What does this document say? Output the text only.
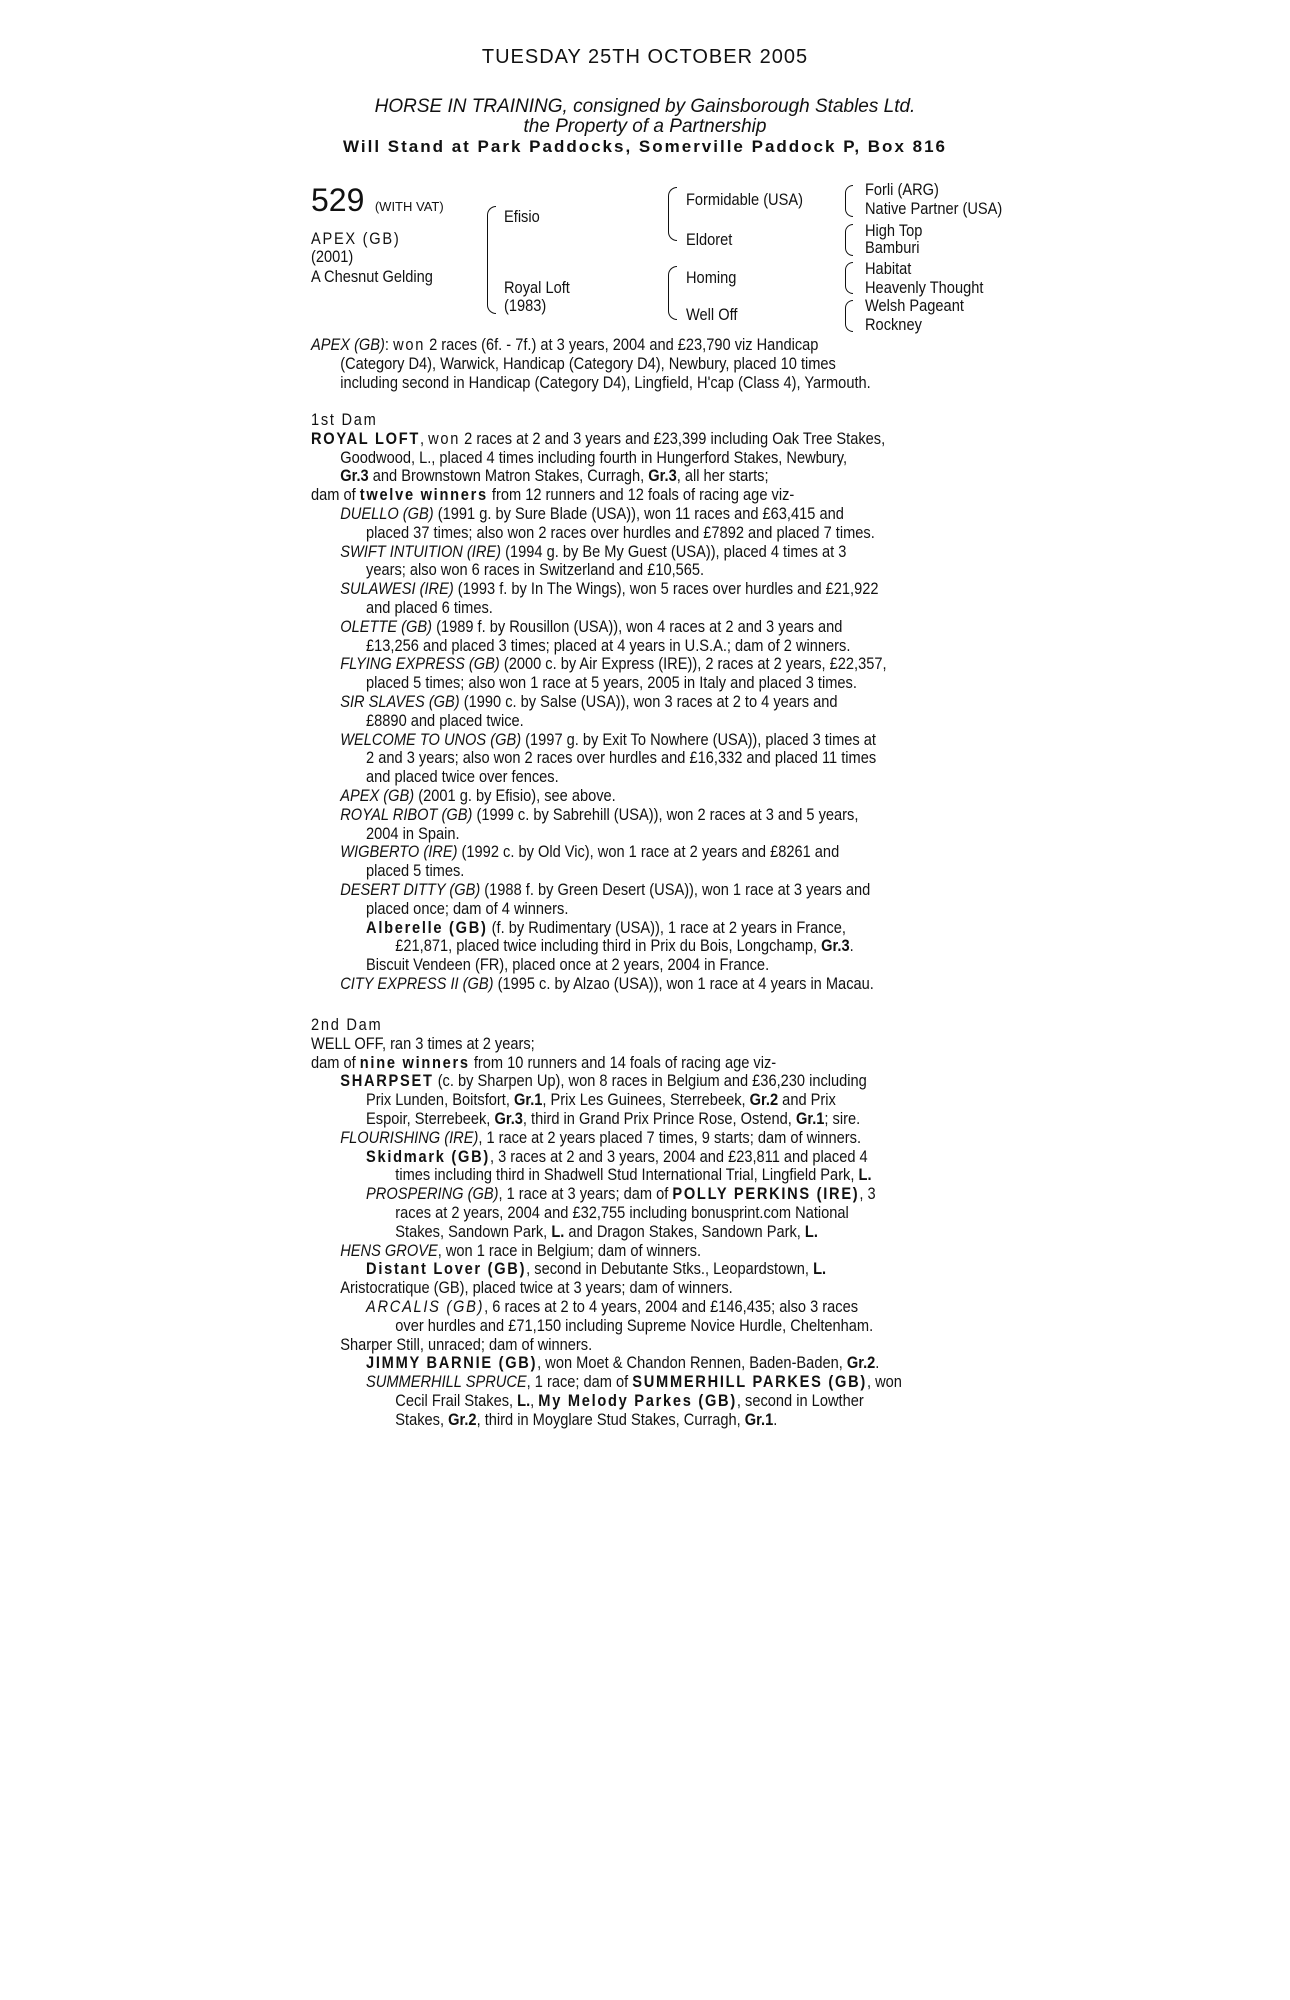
TUESDAY 25TH OCTOBER 2005
HORSE IN TRAINING, consigned by Gainsborough Stables Ltd.
the Property of a Partnership
Will Stand at Park Paddocks, Somerville Paddock P, Box 816
529 (WITH VAT)
APEX (GB)
(2001)
A Chesnut Gelding
Efisio
Royal Loft
(1983)
Formidable (USA)
Eldoret
Homing
Well Off
Forli (ARG)
Native Partner (USA)
High Top
Bamburi
Habitat
Heavenly Thought
Welsh Pageant
Rockney

APEX (GB): won 2 races (6f. - 7f.) at 3 years, 2004 and £23,790 viz Handicap

(Category D4), Warwick, Handicap (Category D4), Newbury, placed 10 times

including second in Handicap (Category D4), Lingfield, H'cap (Class 4), Yarmouth.

1st Dam

ROYAL LOFT, won 2 races at 2 and 3 years and £23,399 including Oak Tree Stakes,

Goodwood, L., placed 4 times including fourth in Hungerford Stakes, Newbury,

Gr.3 and Brownstown Matron Stakes, Curragh, Gr.3, all her starts;

dam of twelve winners from 12 runners and 12 foals of racing age viz-

DUELLO (GB) (1991 g. by Sure Blade (USA)), won 11 races and £63,415 and

placed 37 times; also won 2 races over hurdles and £7892 and placed 7 times.

SWIFT INTUITION (IRE) (1994 g. by Be My Guest (USA)), placed 4 times at 3

years; also won 6 races in Switzerland and £10,565.

SULAWESI (IRE) (1993 f. by In The Wings), won 5 races over hurdles and £21,922

and placed 6 times.

OLETTE (GB) (1989 f. by Rousillon (USA)), won 4 races at 2 and 3 years and

£13,256 and placed 3 times; placed at 4 years in U.S.A.; dam of 2 winners.

FLYING EXPRESS (GB) (2000 c. by Air Express (IRE)), 2 races at 2 years, £22,357,

placed 5 times; also won 1 race at 5 years, 2005 in Italy and placed 3 times.

SIR SLAVES (GB) (1990 c. by Salse (USA)), won 3 races at 2 to 4 years and

£8890 and placed twice.

WELCOME TO UNOS (GB) (1997 g. by Exit To Nowhere (USA)), placed 3 times at

2 and 3 years; also won 2 races over hurdles and £16,332 and placed 11 times

and placed twice over fences.

APEX (GB) (2001 g. by Efisio), see above.

ROYAL RIBOT (GB) (1999 c. by Sabrehill (USA)), won 2 races at 3 and 5 years,

2004 in Spain.

WIGBERTO (IRE) (1992 c. by Old Vic), won 1 race at 2 years and £8261 and

placed 5 times.

DESERT DITTY (GB) (1988 f. by Green Desert (USA)), won 1 race at 3 years and

placed once; dam of 4 winners.

Alberelle (GB) (f. by Rudimentary (USA)), 1 race at 2 years in France,

£21,871, placed twice including third in Prix du Bois, Longchamp, Gr.3.

Biscuit Vendeen (FR), placed once at 2 years, 2004 in France.

CITY EXPRESS II (GB) (1995 c. by Alzao (USA)), won 1 race at 4 years in Macau.

2nd Dam

WELL OFF, ran 3 times at 2 years;

dam of nine winners from 10 runners and 14 foals of racing age viz-

SHARPSET (c. by Sharpen Up), won 8 races in Belgium and £36,230 including

Prix Lunden, Boitsfort, Gr.1, Prix Les Guinees, Sterrebeek, Gr.2 and Prix

Espoir, Sterrebeek, Gr.3, third in Grand Prix Prince Rose, Ostend, Gr.1; sire.

FLOURISHING (IRE), 1 race at 2 years placed 7 times, 9 starts; dam of winners.

Skidmark (GB), 3 races at 2 and 3 years, 2004 and £23,811 and placed 4

times including third in Shadwell Stud International Trial, Lingfield Park, L.

PROSPERING (GB), 1 race at 3 years; dam of POLLY PERKINS (IRE), 3

races at 2 years, 2004 and £32,755 including bonusprint.com National

Stakes, Sandown Park, L. and Dragon Stakes, Sandown Park, L.

HENS GROVE, won 1 race in Belgium; dam of winners.

Distant Lover (GB), second in Debutante Stks., Leopardstown, L.

Aristocratique (GB), placed twice at 3 years; dam of winners.

ARCALIS (GB), 6 races at 2 to 4 years, 2004 and £146,435; also 3 races

over hurdles and £71,150 including Supreme Novice Hurdle, Cheltenham.

Sharper Still, unraced; dam of winners.

JIMMY BARNIE (GB), won Moet & Chandon Rennen, Baden-Baden, Gr.2.

SUMMERHILL SPRUCE, 1 race; dam of SUMMERHILL PARKES (GB), won

Cecil Frail Stakes, L., My Melody Parkes (GB), second in Lowther

Stakes, Gr.2, third in Moyglare Stud Stakes, Curragh, Gr.1.
